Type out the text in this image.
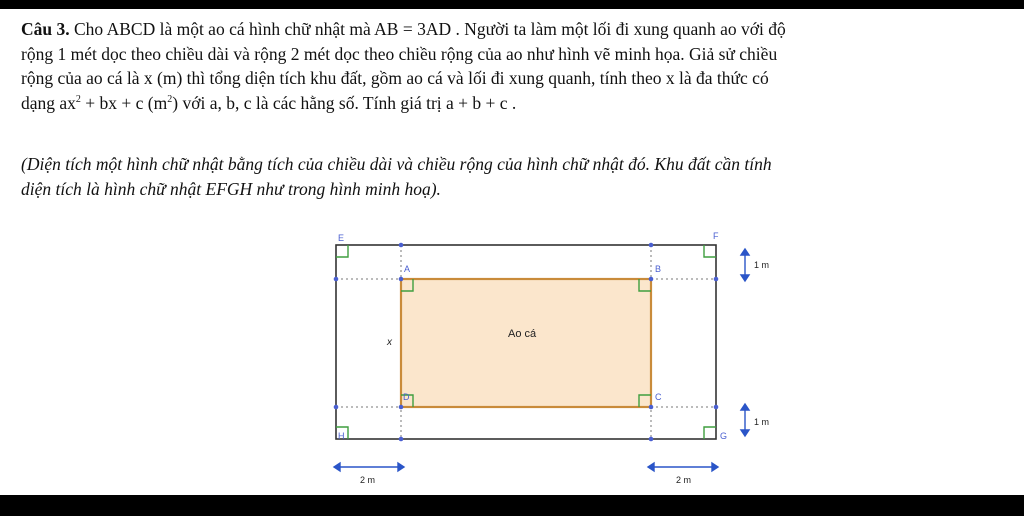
Câu 3. Cho ABCD là một ao cá hình chữ nhật mà AB = 3AD . Người ta làm một lối đi xung quanh ao với độ
rộng 1 mét dọc theo chiều dài và rộng 2 mét dọc theo chiều rộng của ao như hình vẽ minh họa. Giả sử chiều
rộng của ao cá là x (m) thì tổng diện tích khu đất, gồm ao cá và lối đi xung quanh, tính theo x là đa thức có
dạng $ax^2$ + bx + c $(m^2)$ với a, b, c là các hằng số. Tính giá trị a + b + c .
(Diện tích một hình chữ nhật bằng tích của chiều dài và chiều rộng của hình chữ nhật đó. Khu đất cần tính
diện tích là hình chữ nhật EFGH như trong hình minh hoạ).
E	F
G
H
A	B
C
D
Ao cá
x
1 m
1 m
2 m	2 m
